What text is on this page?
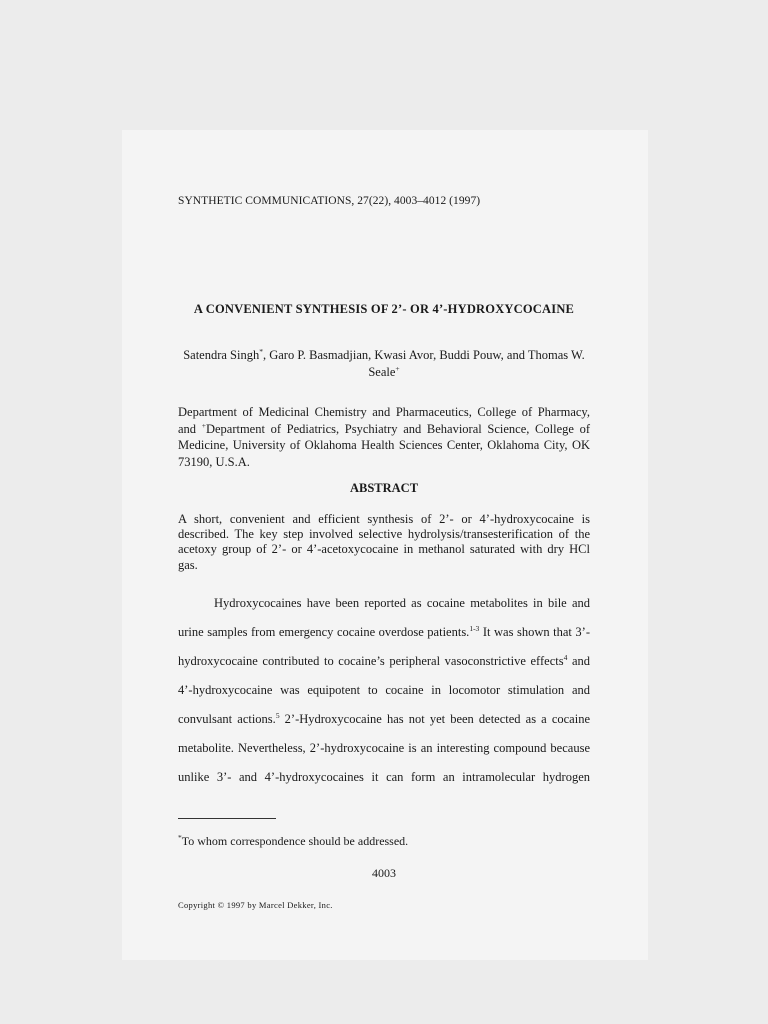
SYNTHETIC COMMUNICATIONS, 27(22), 4003–4012 (1997)
A CONVENIENT SYNTHESIS OF 2’- OR 4’-HYDROXYCOCAINE
Satendra Singh*, Garo P. Basmadjian, Kwasi Avor, Buddi Pouw, and Thomas W. Seale+
Department of Medicinal Chemistry and Pharmaceutics, College of Pharmacy, and +Department of Pediatrics, Psychiatry and Behavioral Science, College of Medicine, University of Oklahoma Health Sciences Center, Oklahoma City, OK 73190, U.S.A.
ABSTRACT
A short, convenient and efficient synthesis of 2’- or 4’-hydroxycocaine is described. The key step involved selective hydrolysis/transesterification of the acetoxy group of 2’- or 4’-acetoxycocaine in methanol saturated with dry HCl gas.
Hydroxycocaines have been reported as cocaine metabolites in bile and
urine samples from emergency cocaine overdose patients.$^{1-3}$ It was shown that 3’-
hydroxycocaine contributed to cocaine’s peripheral vasoconstrictive effects$^4$ and
4’-hydroxycocaine was equipotent to cocaine in locomotor stimulation and
convulsant actions.$^5$ 2’-Hydroxycocaine has not yet been detected as a cocaine
metabolite. Nevertheless, 2’-hydroxycocaine is an interesting compound because
unlike 3’- and 4’-hydroxycocaines it can form an intramolecular hydrogen
*To whom correspondence should be addressed.
4003
Copyright © 1997 by Marcel Dekker, Inc.
